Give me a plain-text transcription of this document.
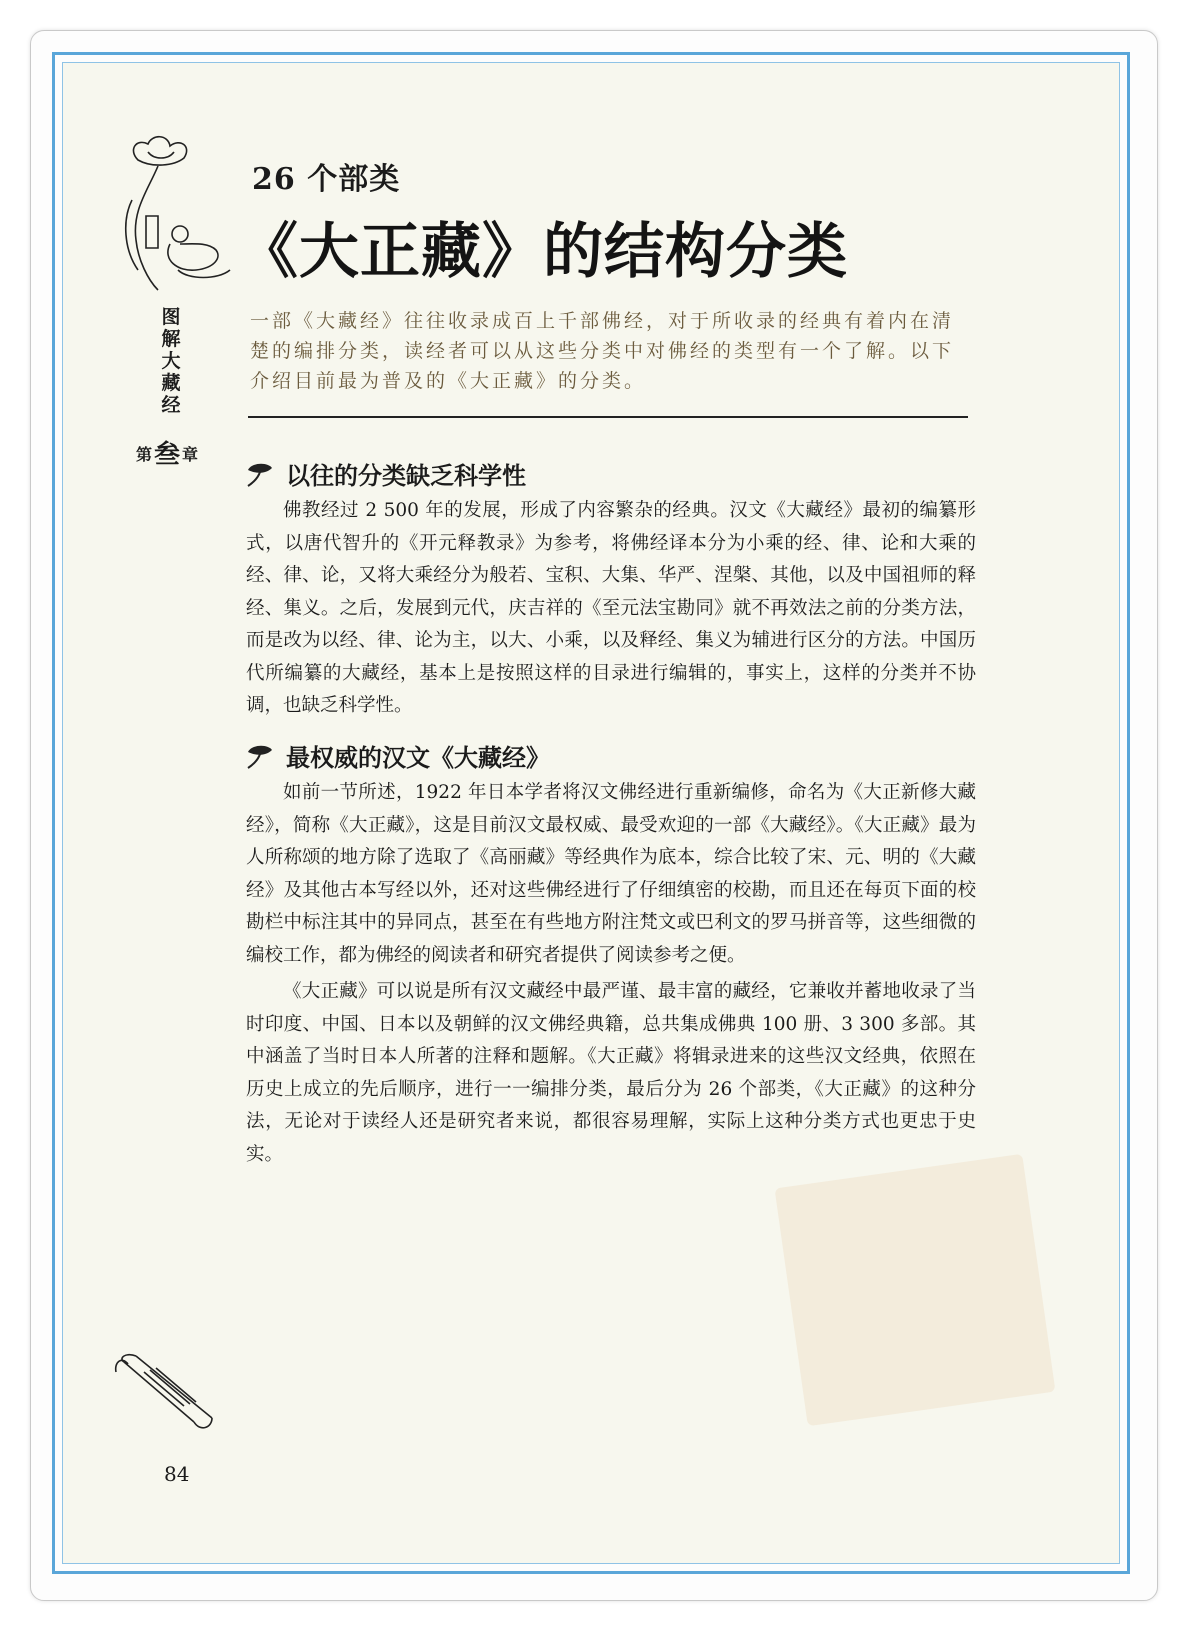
图解大藏经
第叁 章
26 个部类
《大正藏》的结构分类
一部《大藏经》往往收录成百上千部佛经，对于所收录的经典有着内在清楚的编排分类，读经者可以从这些分类中对佛经的类型有一个了解。以下介绍目前最为普及的《大正藏》的分类。
以往的分类缺乏科学性

佛教经过 2 500 年的发展，形成了内容繁杂的经典。汉文《大藏经》最初的编纂形式，以唐代智升的《开元释教录》为参考，将佛经译本分为小乘的经、律、论和大乘的经、律、论，又将大乘经分为般若、宝积、大集、华严、涅槃、其他，以及中国祖师的释经、集义。之后，发展到元代，庆吉祥的《至元法宝勘同》就不再效法之前的分类方法，而是改为以经、律、论为主，以大、小乘，以及释经、集义为辅进行区分的方法。中国历代所编纂的大藏经，基本上是按照这样的目录进行编辑的，事实上，这样的分类并不协调，也缺乏科学性。

最权威的汉文《大藏经》

如前一节所述，1922 年日本学者将汉文佛经进行重新编修，命名为《大正新修大藏经》，简称《大正藏》，这是目前汉文最权威、最受欢迎的一部《大藏经》。《大正藏》最为人所称颂的地方除了选取了《高丽藏》等经典作为底本，综合比较了宋、元、明的《大藏经》及其他古本写经以外，还对这些佛经进行了仔细缜密的校勘，而且还在每页下面的校勘栏中标注其中的异同点，甚至在有些地方附注梵文或巴利文的罗马拼音等，这些细微的编校工作，都为佛经的阅读者和研究者提供了阅读参考之便。

《大正藏》可以说是所有汉文藏经中最严谨、最丰富的藏经，它兼收并蓄地收录了当时印度、中国、日本以及朝鲜的汉文佛经典籍，总共集成佛典 100 册、3 300 多部。其中涵盖了当时日本人所著的注释和题解。《大正藏》将辑录进来的这些汉文经典，依照在历史上成立的先后顺序，进行一一编排分类，最后分为 26 个部类，《大正藏》的这种分法，无论对于读经人还是研究者来说，都很容易理解，实际上这种分类方式也更忠于史实。

84
